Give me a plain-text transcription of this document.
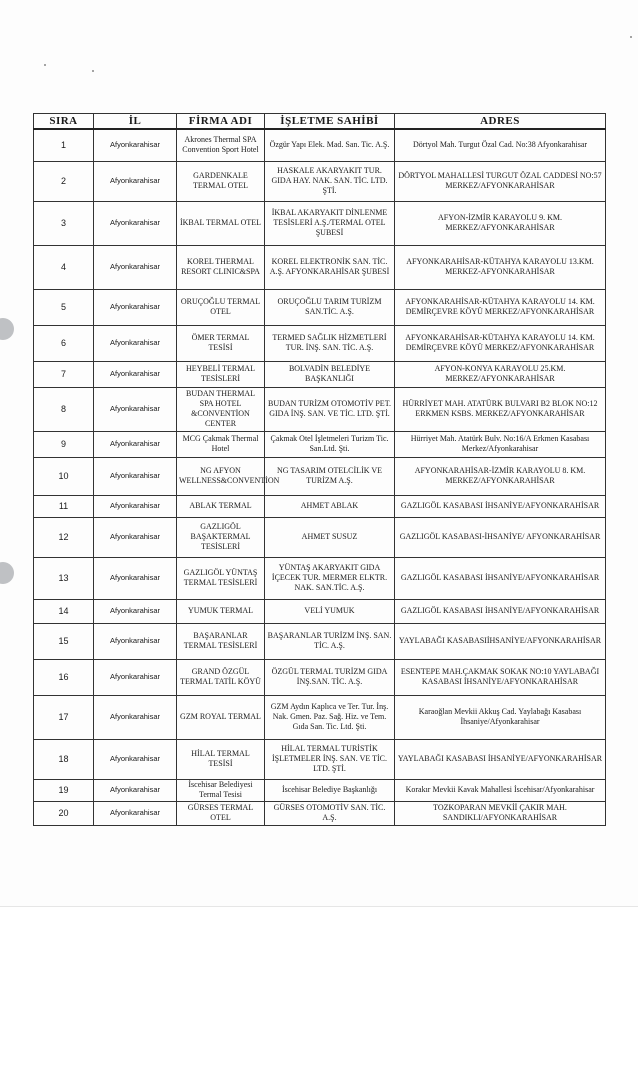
SIRA	İL	FİRMA ADI	İŞLETME SAHİBİ	ADRES
1	Afyonkarahisar	Akrones Thermal SPA Convention Sport Hotel	Özgür Yapı Elek. Mad. San. Tic. A.Ş.	Dörtyol Mah. Turgut Özal Cad. No:38 Afyonkarahisar
2	Afyonkarahisar	GARDENKALE TERMAL OTEL	HASKALE AKARYAKIT TUR. GIDA HAY. NAK. SAN. TİC. LTD. ŞTİ.	DÖRTYOL MAHALLESİ TURGUT ÖZAL CADDESİ NO:57 MERKEZ/AFYONKARAHİSAR
3	Afyonkarahisar	İKBAL TERMAL OTEL	İKBAL AKARYAKIT DİNLENME TESİSLERİ A.Ş./TERMAL OTEL ŞUBESİ	AFYON-İZMİR KARAYOLU 9. KM. MERKEZ/AFYONKARAHİSAR
4	Afyonkarahisar	KOREL THERMAL RESORT CLINIC&SPA	KOREL ELEKTRONİK SAN. TİC. A.Ş. AFYONKARAHİSAR ŞUBESİ	AFYONKARAHİSAR-KÜTAHYA KARAYOLU 13.KM. MERKEZ-AFYONKARAHİSAR
5	Afyonkarahisar	ORUÇOĞLU TERMAL OTEL	ORUÇOĞLU TARIM TURİZM SAN.TİC. A.Ş.	AFYONKARAHİSAR-KÜTAHYA KARAYOLU 14. KM. DEMİRÇEVRE KÖYÜ MERKEZ/AFYONKARAHİSAR
6	Afyonkarahisar	ÖMER TERMAL TESİSİ	TERMED SAĞLIK HİZMETLERİ TUR. İNŞ. SAN. TİC. A.Ş.	AFYONKARAHİSAR-KÜTAHYA KARAYOLU 14. KM. DEMİRÇEVRE KÖYÜ MERKEZ/AFYONKARAHİSAR
7	Afyonkarahisar	HEYBELİ TERMAL TESİSLERİ	BOLVADİN BELEDİYE BAŞKANLIĞI	AFYON-KONYA KARAYOLU 25.KM. MERKEZ/AFYONKARAHİSAR
8	Afyonkarahisar	BUDAN THERMAL SPA HOTEL &CONVENTİON CENTER	BUDAN TURİZM OTOMOTİV PET. GIDA İNŞ. SAN. VE TİC. LTD. ŞTİ.	HÜRRİYET MAH. ATATÜRK BULVARI B2 BLOK NO:12 ERKMEN KSBS. MERKEZ/AFYONKARAHİSAR
9	Afyonkarahisar	MCG Çakmak Thermal Hotel	Çakmak Otel İşletmeleri Turizm Tic. San.Ltd. Şti.	Hürriyet Mah. Atatürk Bulv. No:16/A Erkmen Kasabası Merkez/Afyonkarahisar
10	Afyonkarahisar	NG AFYON WELLNESS&CONVENTİON	NG TASARIM OTELCİLİK VE TURİZM A.Ş.	AFYONKARAHİSAR-İZMİR KARAYOLU 8. KM. MERKEZ/AFYONKARAHİSAR
11	Afyonkarahisar	ABLAK TERMAL	AHMET ABLAK	GAZLIGÖL KASABASI İHSANİYE/AFYONKARAHİSAR
12	Afyonkarahisar	GAZLIGÖL BAŞAKTERMAL TESİSLERİ	AHMET SUSUZ	GAZLIGÖL KASABASI-İHSANİYE/ AFYONKARAHİSAR
13	Afyonkarahisar	GAZLIGÖL YÜNTAŞ TERMAL TESİSLERİ	YÜNTAŞ AKARYAKIT GIDA İÇECEK TUR. MERMER ELKTR. NAK. SAN.TİC. A.Ş.	GAZLIGÖL KASABASI İHSANİYE/AFYONKARAHİSAR
14	Afyonkarahisar	YUMUK TERMAL	VELİ YUMUK	GAZLIGÖL KASABASI İHSANİYE/AFYONKARAHİSAR
15	Afyonkarahisar	BAŞARANLAR TERMAL TESİSLERİ	BAŞARANLAR TURİZM İNŞ. SAN. TİC. A.Ş.	YAYLABAĞI KASABASIİHSANİYE/AFYONKARAHİSAR
16	Afyonkarahisar	GRAND ÖZGÜL TERMAL TATİL KÖYÜ	ÖZGÜL TERMAL TURİZM GIDA İNŞ.SAN. TİC. A.Ş.	ESENTEPE MAH.ÇAKMAK SOKAK NO:10 YAYLABAĞI KASABASI İHSANİYE/AFYONKARAHİSAR
17	Afyonkarahisar	GZM ROYAL TERMAL	GZM Aydın Kaplıca ve Ter. Tur. İnş. Nak. Gmen. Paz. Sağ. Hiz. ve Tem. Gıda San. Tic. Ltd. Şti.	Karaoğlan Mevkii Akkuş Cad. Yaylabağı Kasabası İhsaniye/Afyonkarahisar
18	Afyonkarahisar	HİLAL TERMAL TESİSİ	HİLAL TERMAL TURİSTİK İŞLETMELER İNŞ. SAN. VE TİC. LTD. ŞTİ.	YAYLABAĞI KASABASI İHSANİYE/AFYONKARAHİSAR
19	Afyonkarahisar	İscehisar Belediyesi Termal Tesisi	İscehisar Belediye Başkanlığı	Korakır Mevkii Kavak Mahallesi İscehisar/Afyonkarahisar
20	Afyonkarahisar	GÜRSES TERMAL OTEL	GÜRSES OTOMOTİV SAN. TİC. A.Ş.	TOZKOPARAN MEVKİİ ÇAKIR MAH. SANDIKLI/AFYONKARAHİSAR
